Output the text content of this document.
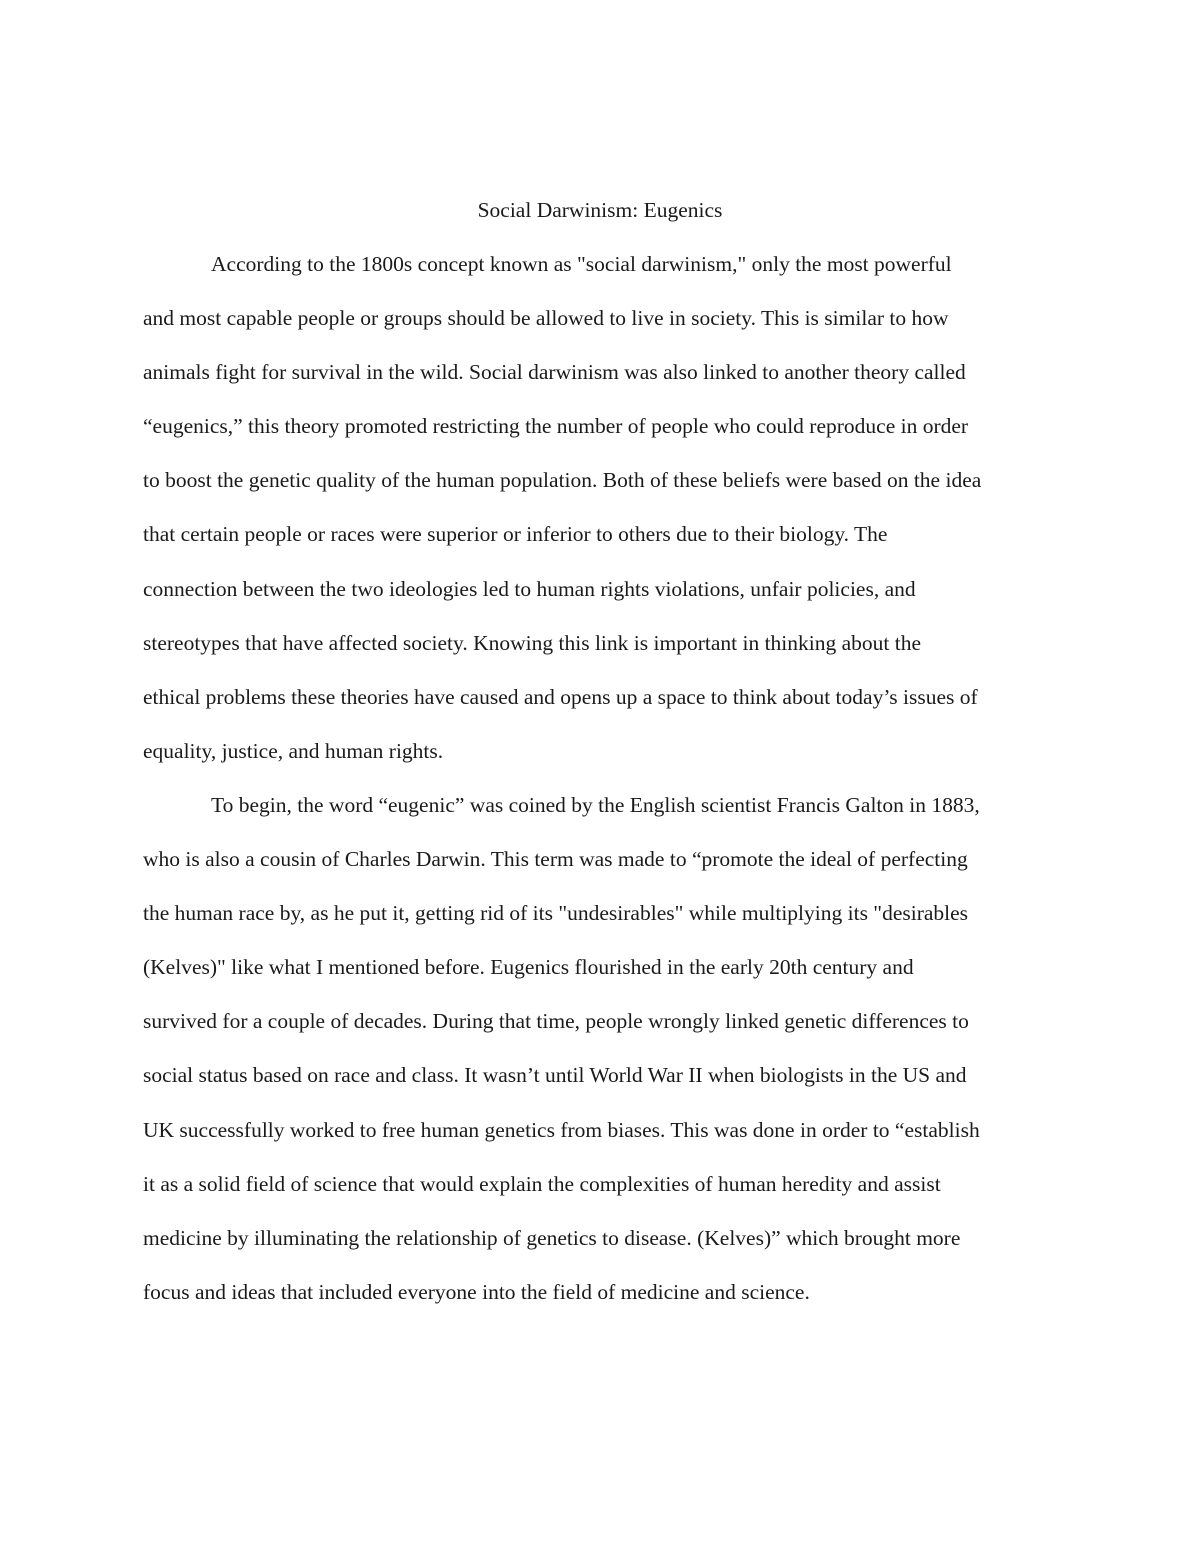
Social Darwinism: Eugenics
According to the 1800s concept known as "social darwinism," only the most powerful
and most capable people or groups should be allowed to live in society. This is similar to how
animals fight for survival in the wild. Social darwinism was also linked to another theory called
“eugenics,” this theory promoted restricting the number of people who could reproduce in order
to boost the genetic quality of the human population. Both of these beliefs were based on the idea
that certain people or races were superior or inferior to others due to their biology. The
connection between the two ideologies led to human rights violations, unfair policies, and
stereotypes that have affected society. Knowing this link is important in thinking about the
ethical problems these theories have caused and opens up a space to think about today’s issues of
equality, justice, and human rights.
To begin, the word “eugenic” was coined by the English scientist Francis Galton in 1883,
who is also a cousin of Charles Darwin. This term was made to “promote the ideal of perfecting
the human race by, as he put it, getting rid of its "undesirables" while multiplying its "desirables
(Kelves)" like what I mentioned before. Eugenics flourished in the early 20th century and
survived for a couple of decades. During that time, people wrongly linked genetic differences to
social status based on race and class. It wasn’t until World War II when biologists in the US and
UK successfully worked to free human genetics from biases. This was done in order to “establish
it as a solid field of science that would explain the complexities of human heredity and assist
medicine by illuminating the relationship of genetics to disease. (Kelves)” which brought more
focus and ideas that included everyone into the field of medicine and science.
